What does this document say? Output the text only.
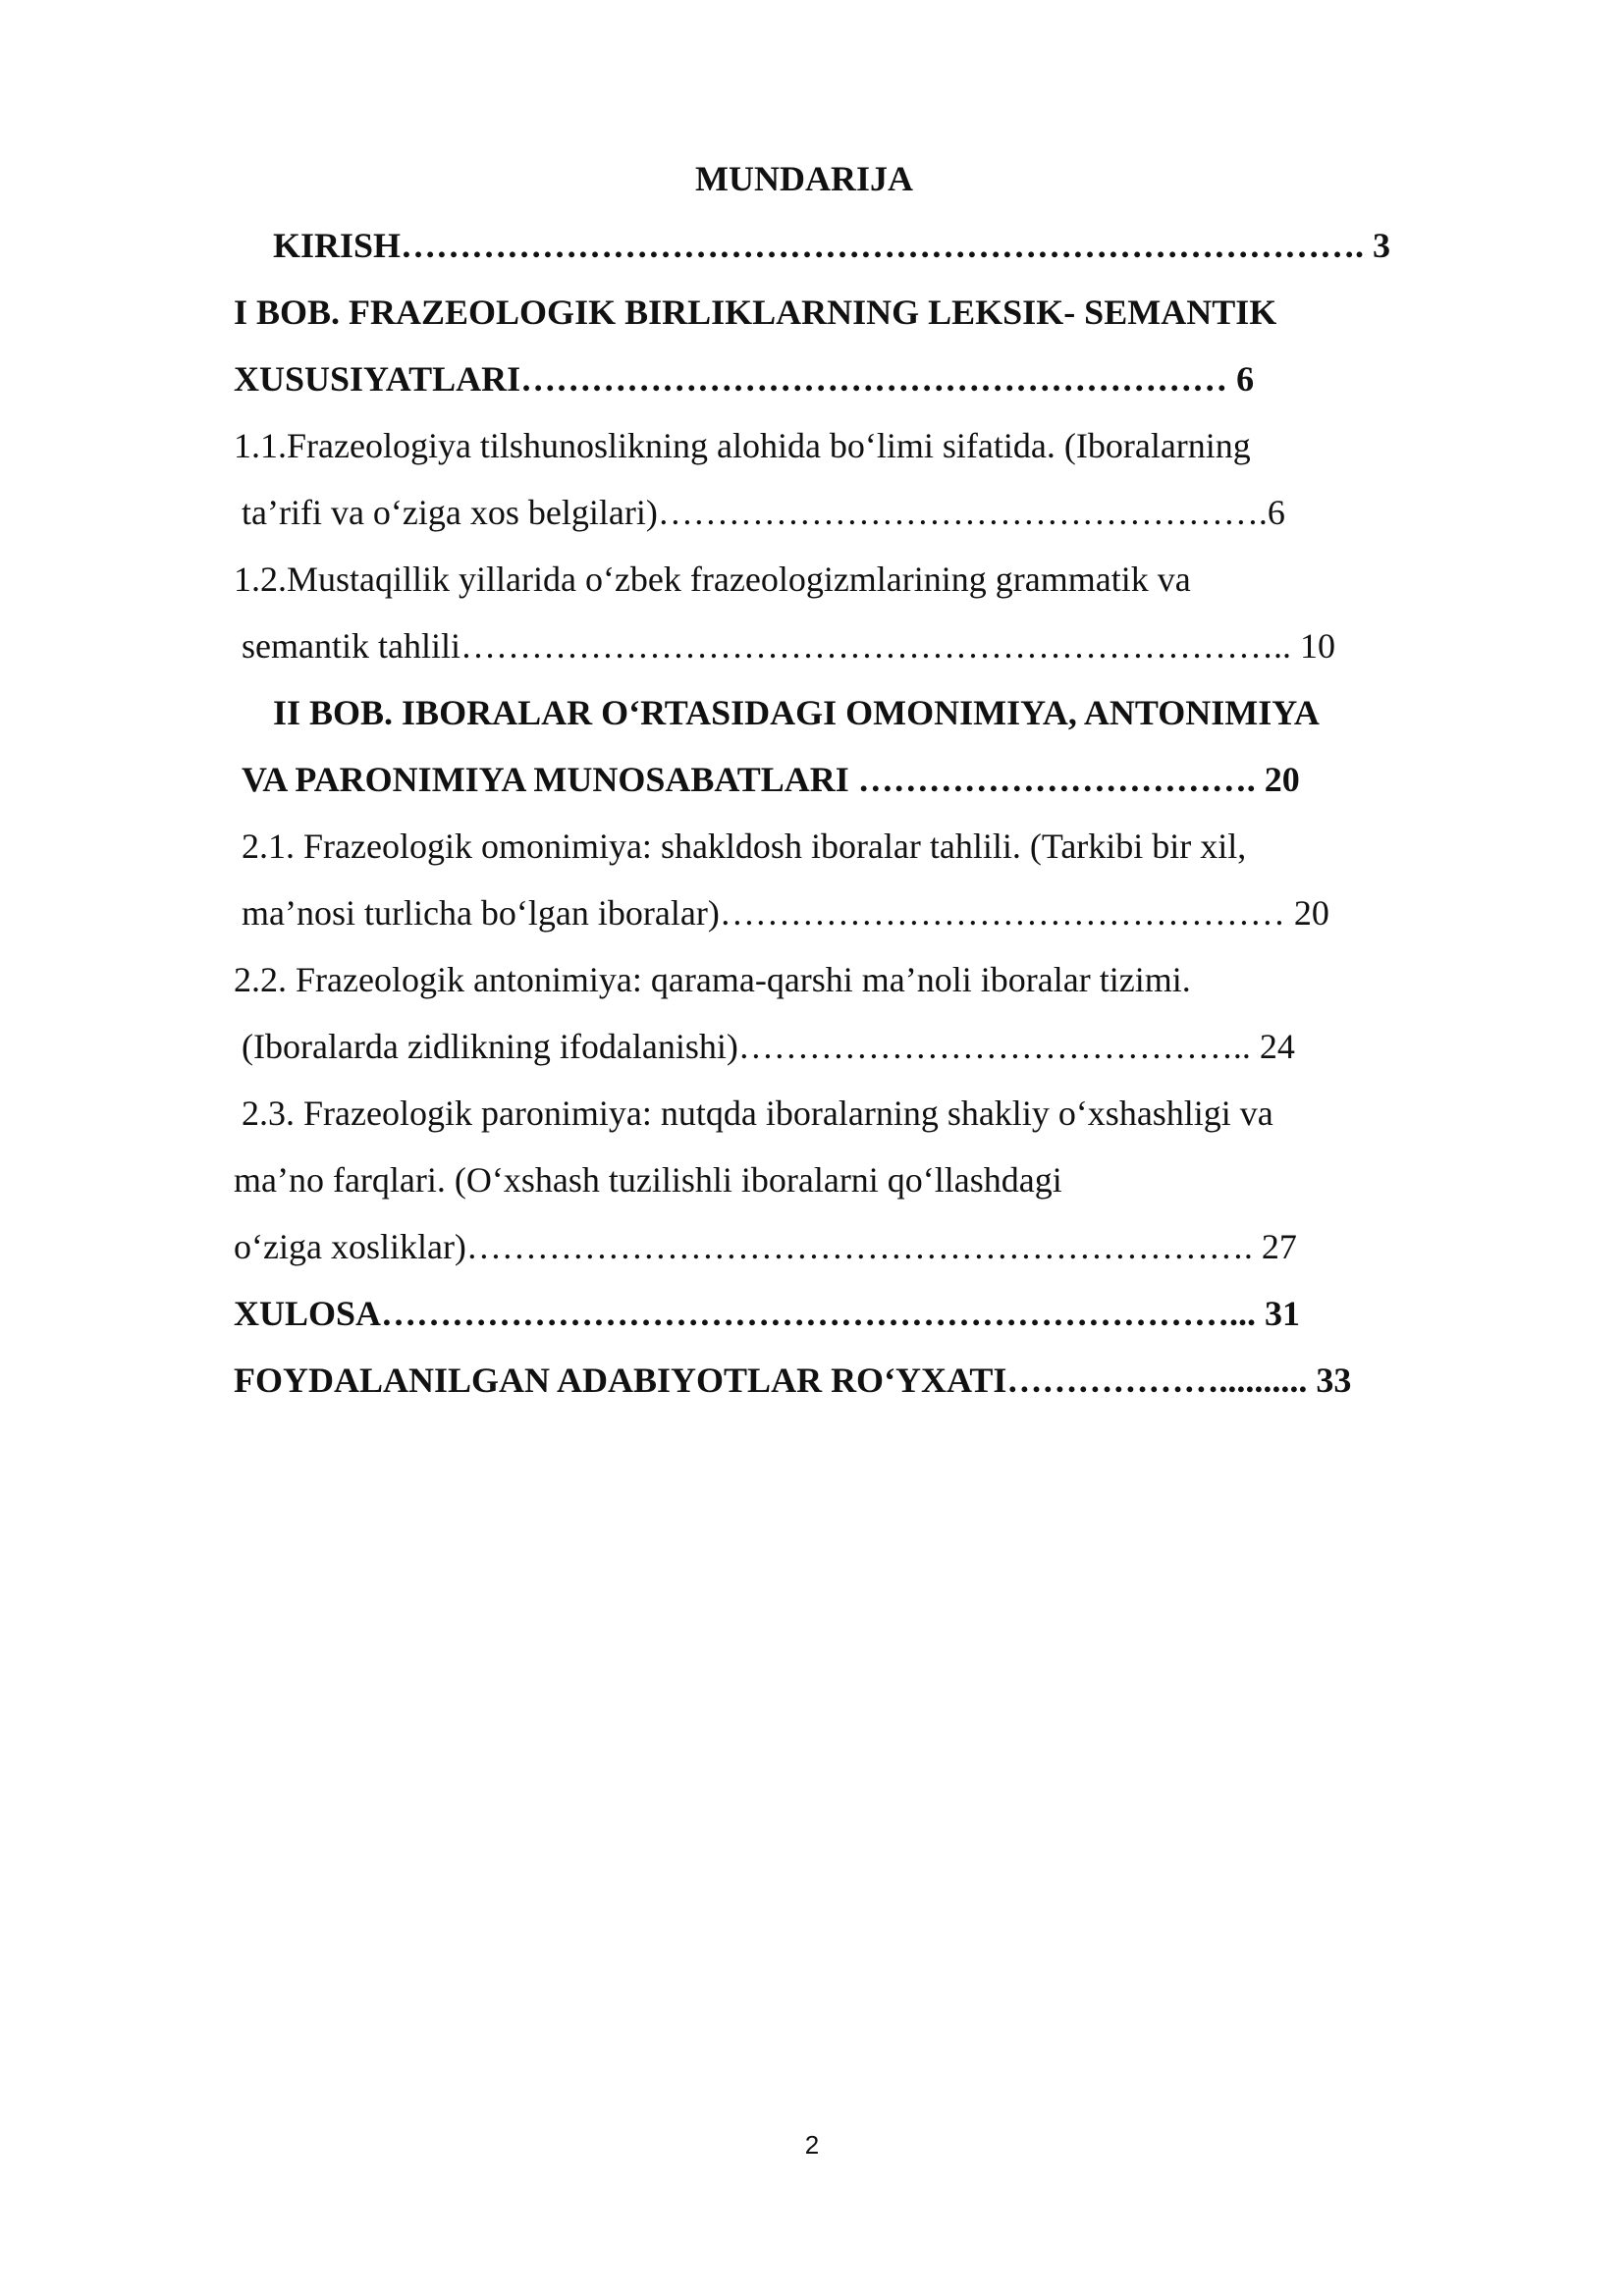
MUNDARIJA
KIRISH………………………………………………………………………. 3
I BOB. FRAZEOLOGIK BIRLIKLARNING LEKSIK- SEMANTIK
XUSUSIYATLARI…………………………………………………… 6
1.1.Frazeologiya tilshunoslikning alohida bo‘limi sifatida. (Iboralarning
ta’rifi va o‘ziga xos belgilari)…………………………………………….6
1.2.Mustaqillik yillarida o‘zbek frazeologizmlarining grammatik va
semantik tahlili…………………………………………………………….. 10
II BOB. IBORALAR O‘RTASIDAGI OMONIMIYA, ANTONIMIYA
VA PARONIMIYA MUNOSABATLARI ……………………………. 20
2.1. Frazeologik omonimiya: shakldosh iboralar tahlili. (Tarkibi bir xil,
ma’nosi turlicha bo‘lgan iboralar)………………………………………… 20
2.2. Frazeologik antonimiya: qarama-qarshi ma’noli iboralar tizimi.
(Iboralarda zidlikning ifodalanishi)…………………………………….. 24
2.3. Frazeologik paronimiya: nutqda iboralarning shakliy o‘xshashligi va
ma’no farqlari. (O‘xshash tuzilishli iboralarni qo‘llashdagi
o‘ziga xosliklar)…………………………………………………………. 27
XULOSA………………………………………………………………... 31
FOYDALANILGAN ADABIYOTLAR RO‘YXATI……………….......... 33
2
